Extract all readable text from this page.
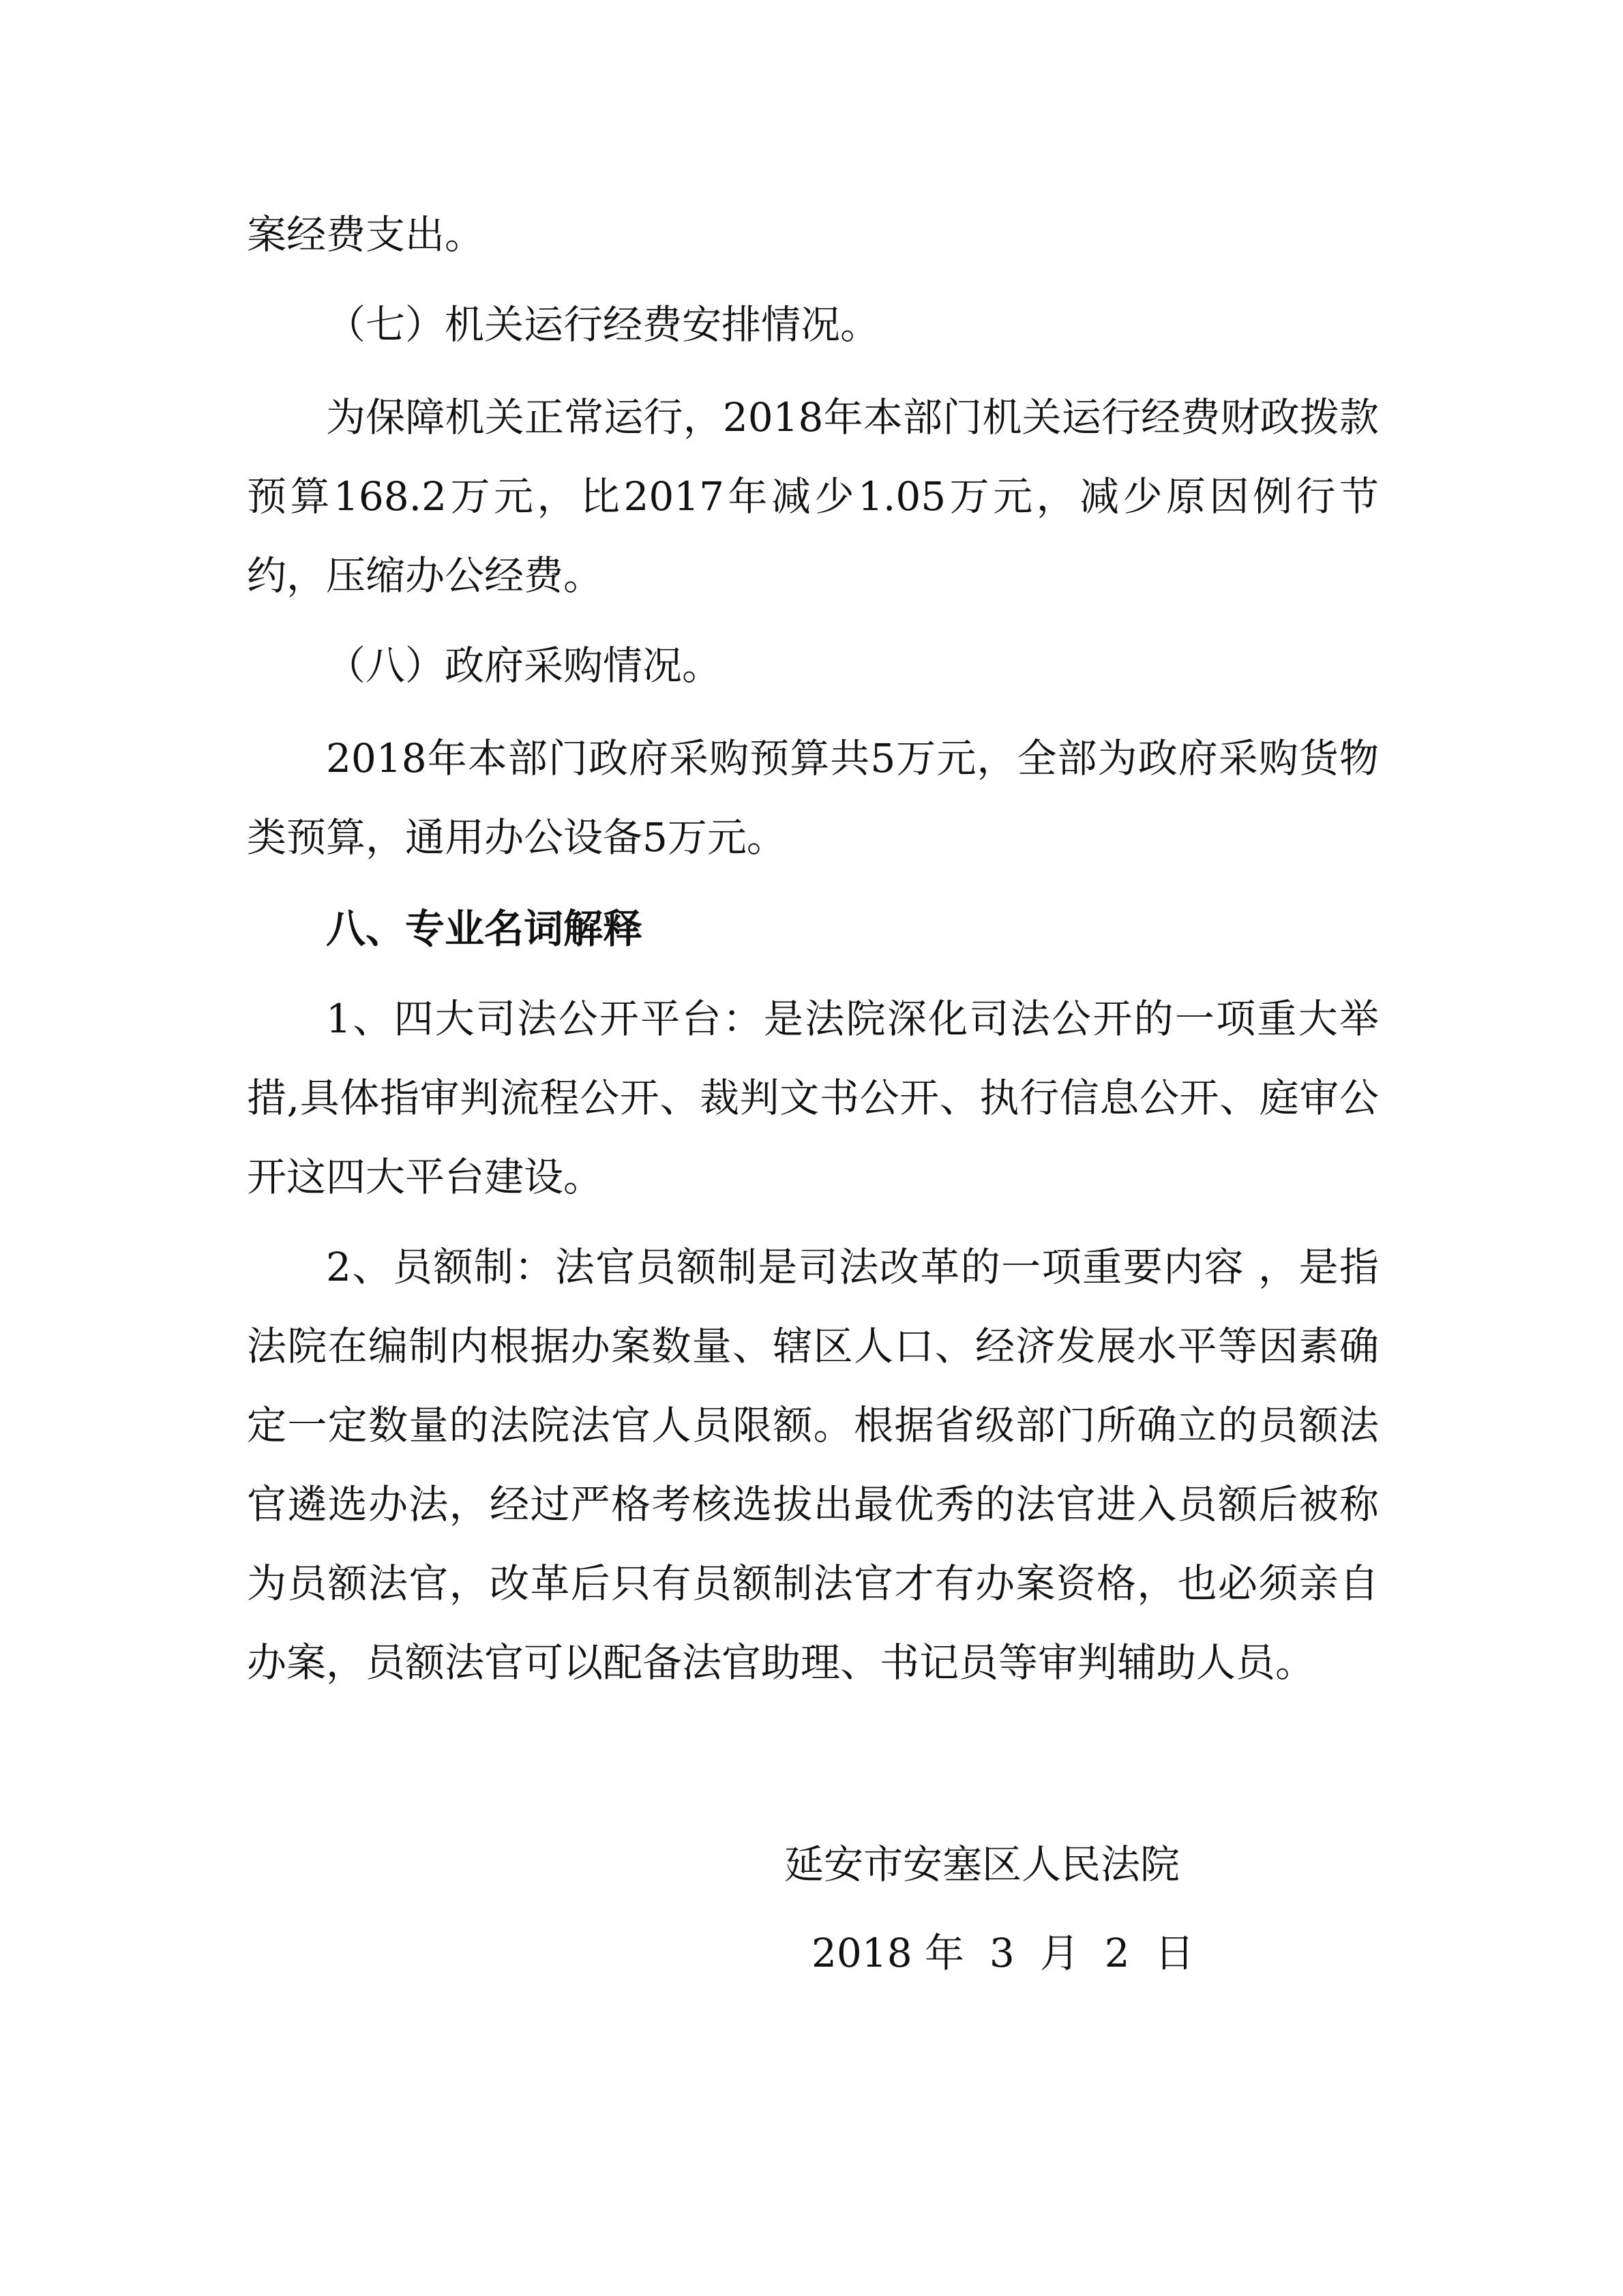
案经费支出。

（七）机关运行经费安排情况。

为保障机关正常运行，2018年本部门机关运行经费财政拨款预算168.2万元，比2017年减少1.05万元，减少原因例行节约，压缩办公经费。

（八）政府采购情况。

2018年本部门政府采购预算共5万元，全部为政府采购货物类预算，通用办公设备5万元。

八、专业名词解释

1、四大司法公开平台：是法院深化司法公开的一项重大举措,具体指审判流程公开、裁判文书公开、执行信息公开、庭审公开这四大平台建设。

2、员额制：法官员额制是司法改革的一项重要内容 ，是指法院在编制内根据办案数量、辖区人口、经济发展水平等因素确定一定数量的法院法官人员限额。根据省级部门所确立的员额法官遴选办法，经过严格考核选拔出最优秀的法官进入员额后被称为员额法官，改革后只有员额制法官才有办案资格，也必须亲自办案，员额法官可以配备法官助理、书记员等审判辅助人员。

延安市安塞区人民法院

2018 年  3  月  2  日
